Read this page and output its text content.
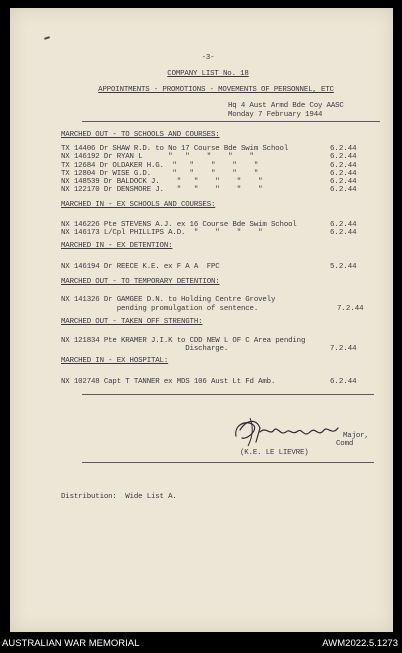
-3-
COMPANY LIST No. 18
APPOINTMENTS - PROMOTIONS - MOVEMENTS OF PERSONNEL, ETC
Hq 4 Aust Armd Bde Coy AASC
Monday 7 February 1944
MARCHED OUT - TO SCHOOLS AND COURSES:
TX 14406 Dr SHAW R.D. to No 17 Course Bde Swim School	6.2.44
NX 146192 Dr RYAN L      "   "    "    "    "	6.2.44
TX 12684 Dr OLDAKER H.G.  "   "    "    "    "	6.2.44
TX 12804 Dr WISE G.D.     "   "    "    "    "	6.2.44
NX 148539 Dr BALDOCK J.    "   "    "    "    "	6.2.44
NX 122170 Dr DENSMORE J.   "   "    "    "    "	6.2.44
MARCHED IN - EX SCHOOLS AND COURSES:
NX 146226 Pte STEVENS A.J. ex 16 Course Bde Swim School	6.2.44
NX 146173 L/Cpl PHILLIPS A.D.  "    "    "    "	6.2.44
MARCHED IN - EX DETENTION:
NX 146194 Dr REECE K.E. ex F A A  FPC	5.2.44
MARCHED OUT - TO TEMPORARY DETENTION:
NX 141326 Dr GAMGEE D.N. to Holding Centre Grovely
pending promulgation of sentence.	7.2.44
MARCHED OUT - TAKEN OFF STRENGTH:
NX 121834 Pte KRAMER J.I.K to CDD NEW L OF C Area pending
Discharge.	7.2.44
MARCHED IN - EX HOSPITAL:
NX 102748 Capt T TANNER ex MDS 106 Aust Lt Fd Amb.	6.2.44
Major,
Comd
(K.E. LE LIEVRE)
Distribution:  Wide List A.
AUSTRALIAN WAR MEMORIAL	AWM2022.5.1273
